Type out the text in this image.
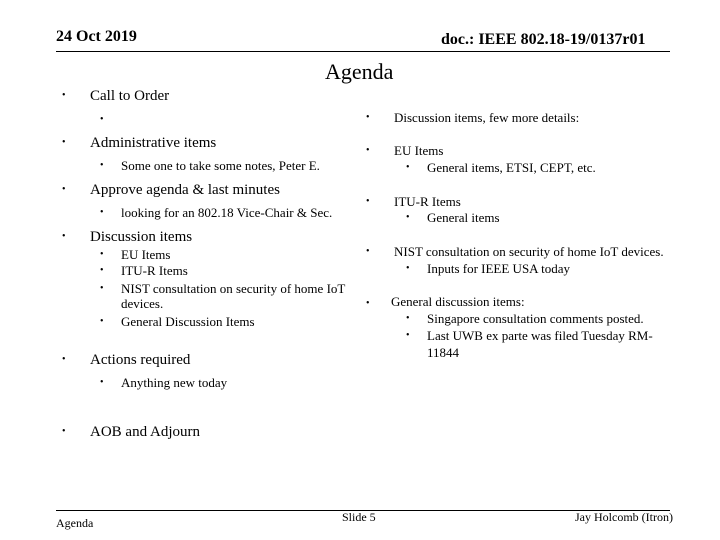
24 Oct 2019	doc.: IEEE 802.18-19/0137r01
Agenda
• Call to Order
•
• Administrative items
• Some one to take some notes, Peter E.
• Approve agenda & last minutes
• looking for an 802.18 Vice-Chair & Sec.
• Discussion items
• EU Items
• ITU-R Items
• NIST consultation on security of home IoT
devices.
• General Discussion Items
• Actions required
• Anything new today
• AOB and Adjourn
• Discussion items, few more details:
• EU Items
• General items, ETSI, CEPT, etc.
• ITU-R Items
• General items
• NIST consultation on security of home IoT devices.
• Inputs for IEEE USA today
• General discussion items:
• Singapore consultation comments posted.
• Last UWB ex parte was filed Tuesday RM-
11844
Agenda	Slide 5	Jay Holcomb (Itron)
